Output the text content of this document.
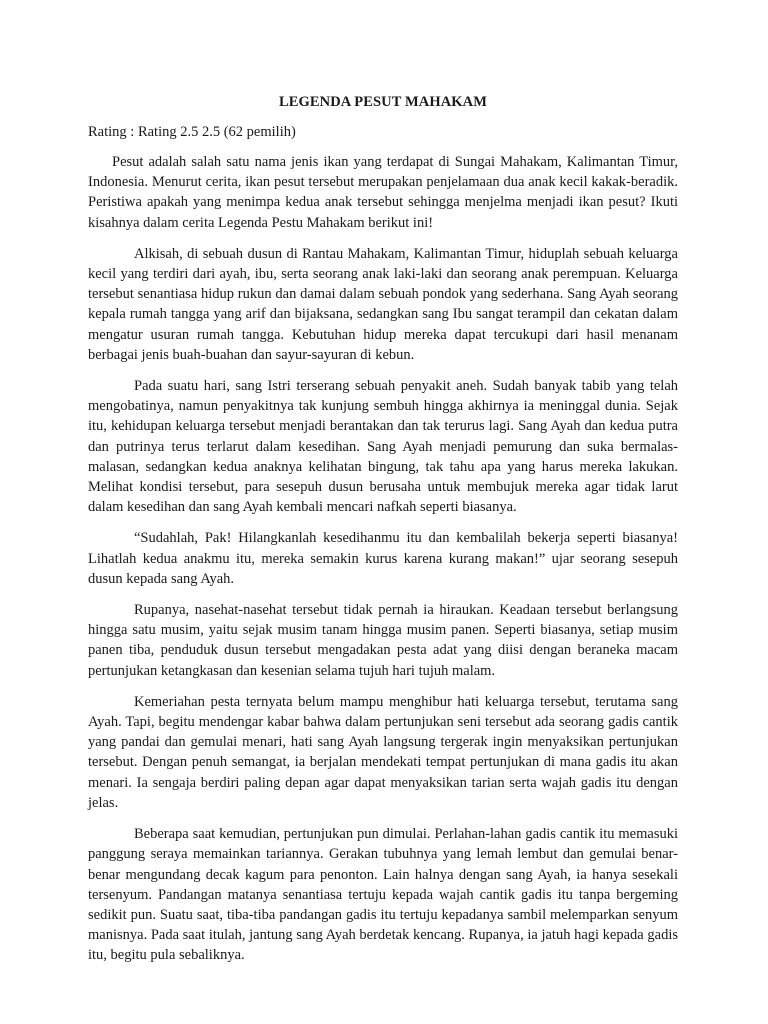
LEGENDA PESUT MAHAKAM
Rating : Rating 2.5 2.5 (62 pemilih)

Pesut adalah salah satu nama jenis ikan yang terdapat di Sungai Mahakam, Kalimantan Timur, Indonesia. Menurut cerita, ikan pesut tersebut merupakan penjelamaan dua anak kecil kakak-beradik. Peristiwa apakah yang menimpa kedua anak tersebut sehingga menjelma menjadi ikan pesut? Ikuti kisahnya dalam cerita Legenda Pestu Mahakam berikut ini!

Alkisah, di sebuah dusun di Rantau Mahakam, Kalimantan Timur, hiduplah sebuah keluarga kecil yang terdiri dari ayah, ibu, serta seorang anak laki-laki dan seorang anak perempuan. Keluarga tersebut senantiasa hidup rukun dan damai dalam sebuah pondok yang sederhana. Sang Ayah seorang kepala rumah tangga yang arif dan bijaksana, sedangkan sang Ibu sangat terampil dan cekatan dalam mengatur usuran rumah tangga. Kebutuhan hidup mereka dapat tercukupi dari hasil menanam berbagai jenis buah-buahan dan sayur-sayuran di kebun.

Pada suatu hari, sang Istri terserang sebuah penyakit aneh. Sudah banyak tabib yang telah mengobatinya, namun penyakitnya tak kunjung sembuh hingga akhirnya ia meninggal dunia. Sejak itu, kehidupan keluarga tersebut menjadi berantakan dan tak terurus lagi. Sang Ayah dan kedua putra dan putrinya terus terlarut dalam kesedihan. Sang Ayah menjadi pemurung dan suka bermalas-malasan, sedangkan kedua anaknya kelihatan bingung, tak tahu apa yang harus mereka lakukan. Melihat kondisi tersebut, para sesepuh dusun berusaha untuk membujuk mereka agar tidak larut dalam kesedihan dan sang Ayah kembali mencari nafkah seperti biasanya.

“Sudahlah, Pak! Hilangkanlah kesedihanmu itu dan kembalilah bekerja seperti biasanya! Lihatlah kedua anakmu itu, mereka semakin kurus karena kurang makan!” ujar seorang sesepuh dusun kepada sang Ayah.

Rupanya, nasehat-nasehat tersebut tidak pernah ia hiraukan. Keadaan tersebut berlangsung hingga satu musim, yaitu sejak musim tanam hingga musim panen. Seperti biasanya, setiap musim panen tiba, penduduk dusun tersebut mengadakan pesta adat yang diisi dengan beraneka macam pertunjukan ketangkasan dan kesenian selama tujuh hari tujuh malam.

Kemeriahan pesta ternyata belum mampu menghibur hati keluarga tersebut, terutama sang Ayah. Tapi, begitu mendengar kabar bahwa dalam pertunjukan seni tersebut ada seorang gadis cantik yang pandai dan gemulai menari, hati sang Ayah langsung tergerak ingin menyaksikan pertunjukan tersebut. Dengan penuh semangat, ia berjalan mendekati tempat pertunjukan di mana gadis itu akan menari. Ia sengaja berdiri paling depan agar dapat menyaksikan tarian serta wajah gadis itu dengan jelas.

Beberapa saat kemudian, pertunjukan pun dimulai. Perlahan-lahan gadis cantik itu memasuki panggung seraya memainkan tariannya. Gerakan tubuhnya yang lemah lembut dan gemulai benar-benar mengundang decak kagum para penonton. Lain halnya dengan sang Ayah, ia hanya sesekali tersenyum. Pandangan matanya senantiasa tertuju kepada wajah cantik gadis itu tanpa bergeming sedikit pun. Suatu saat, tiba-tiba pandangan gadis itu tertuju kepadanya sambil melemparkan senyum manisnya. Pada saat itulah, jantung sang Ayah berdetak kencang. Rupanya, ia jatuh hagi kepada gadis itu, begitu pula sebaliknya.
